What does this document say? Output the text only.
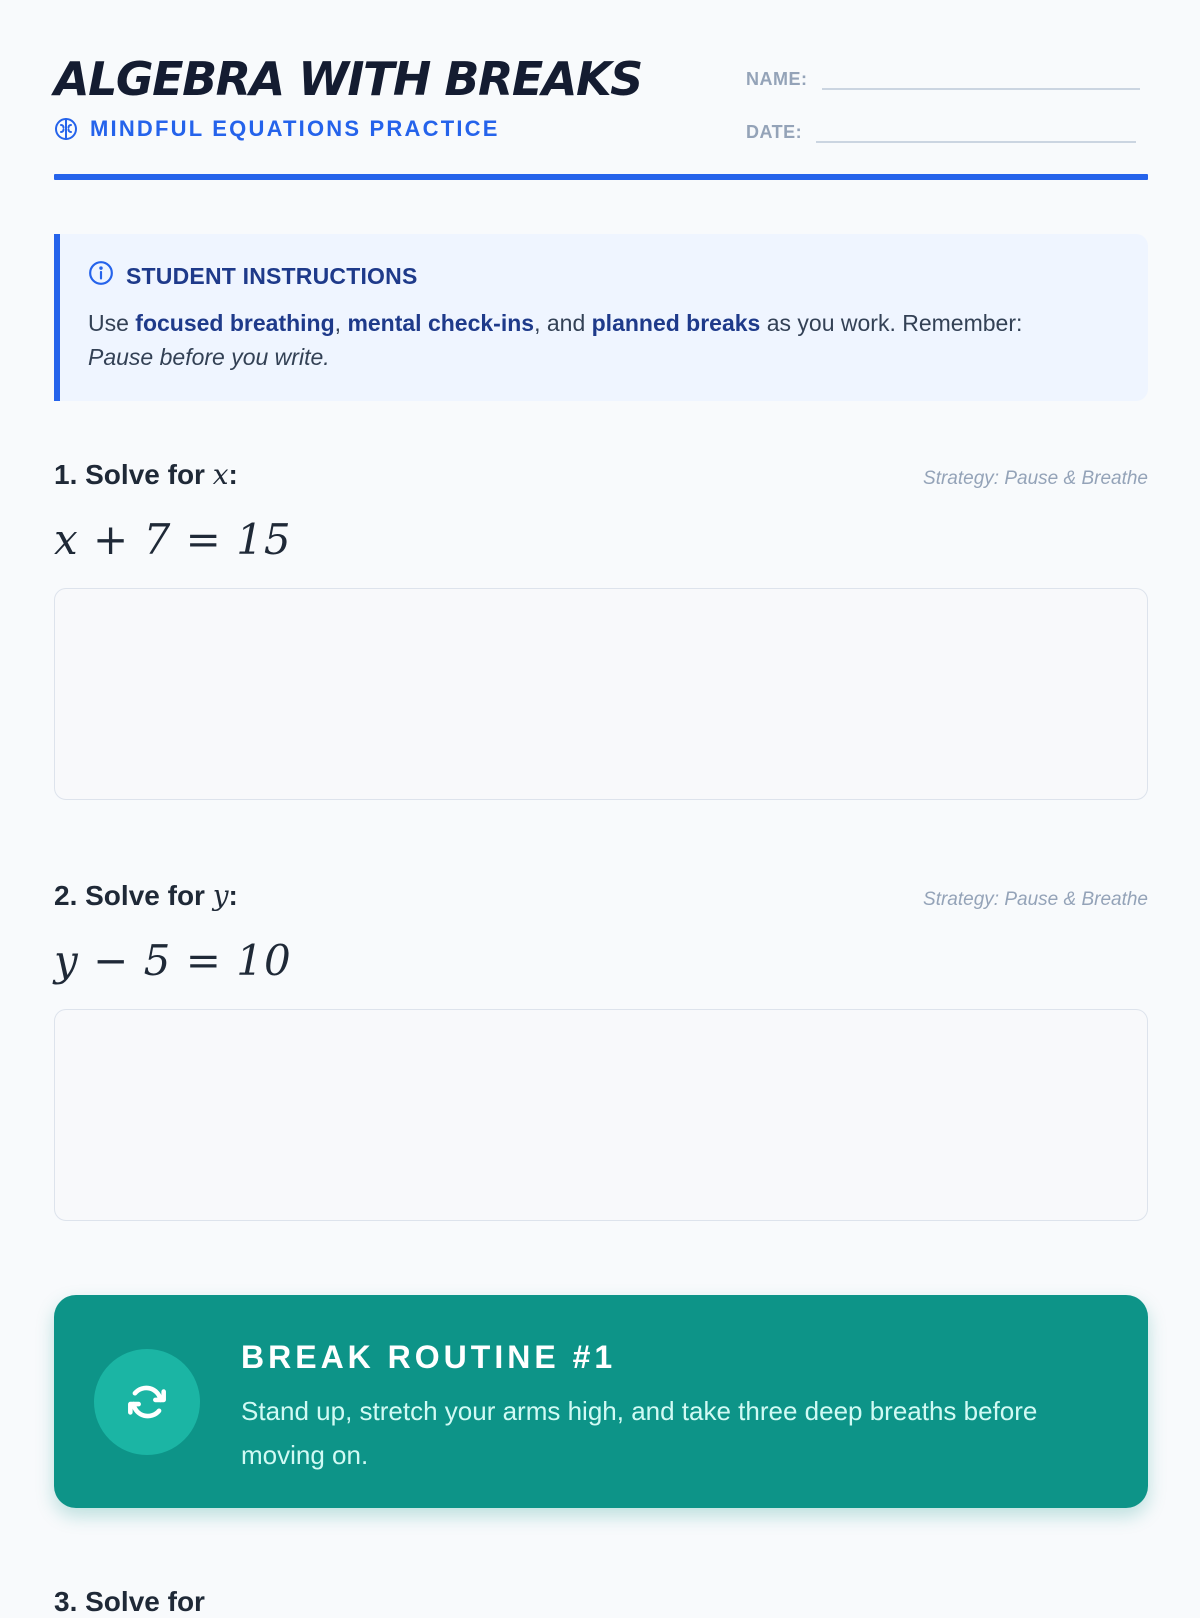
ALGEBRA WITH BREAKS
MINDFUL EQUATIONS PRACTICE
NAME:
DATE:
STUDENT INSTRUCTIONS
Use focused breathing, mental check-ins, and planned breaks as you work. Remember:
Pause before you write.
1. Solve for x:	Strategy: Pause & Breathe
x + 7 = 15
2. Solve for y:	Strategy: Pause & Breathe
y − 5 = 10
BREAK ROUTINE #1
Stand up, stretch your arms high, and take three deep breaths before moving on.
3. Solve for
